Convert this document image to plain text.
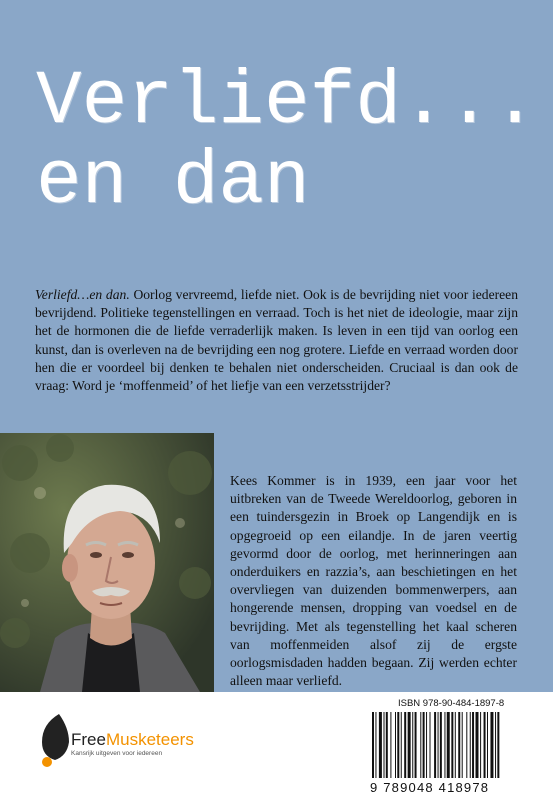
Verliefd...
en dan
Verliefd…en dan. Oorlog vervreemd, liefde niet. Ook is de bevrijding niet voor iedereen bevrijdend. Politieke tegenstellingen en verraad. Toch is het niet de ideologie, maar zijn het de hormonen die de liefde verraderlijk maken. Is leven in een tijd van oorlog een kunst, dan is overleven na de bevrijding een nog grotere. Liefde en verraad worden door hen die er voordeel bij denken te behalen niet onderscheiden. Cruciaal is dan ook de vraag: Word je ‘moffenmeid’ of het liefje van een verzetsstrijder?
Kees Kommer is in 1939, een jaar voor het uitbreken van de Tweede Wereldoorlog, geboren in een tuindersgezin in Broek op Langendijk en is opgegroeid op een eilandje. In de jaren veertig gevormd door de oorlog, met herinneringen aan onderduikers en razzia’s, aan beschietingen en het overvliegen van duizenden bommenwerpers, aan hongerende mensen, dropping van voedsel en de bevrijding. Met als tegenstelling het kaal scheren van moffenmeiden alsof zij de ergste oorlogsmisdaden hadden begaan. Zij werden echter alleen maar verliefd.
FreeMusketeers
Kansrijk uitgeven voor iedereen
ISBN 978-90-484-1897-8
9 789048 418978
